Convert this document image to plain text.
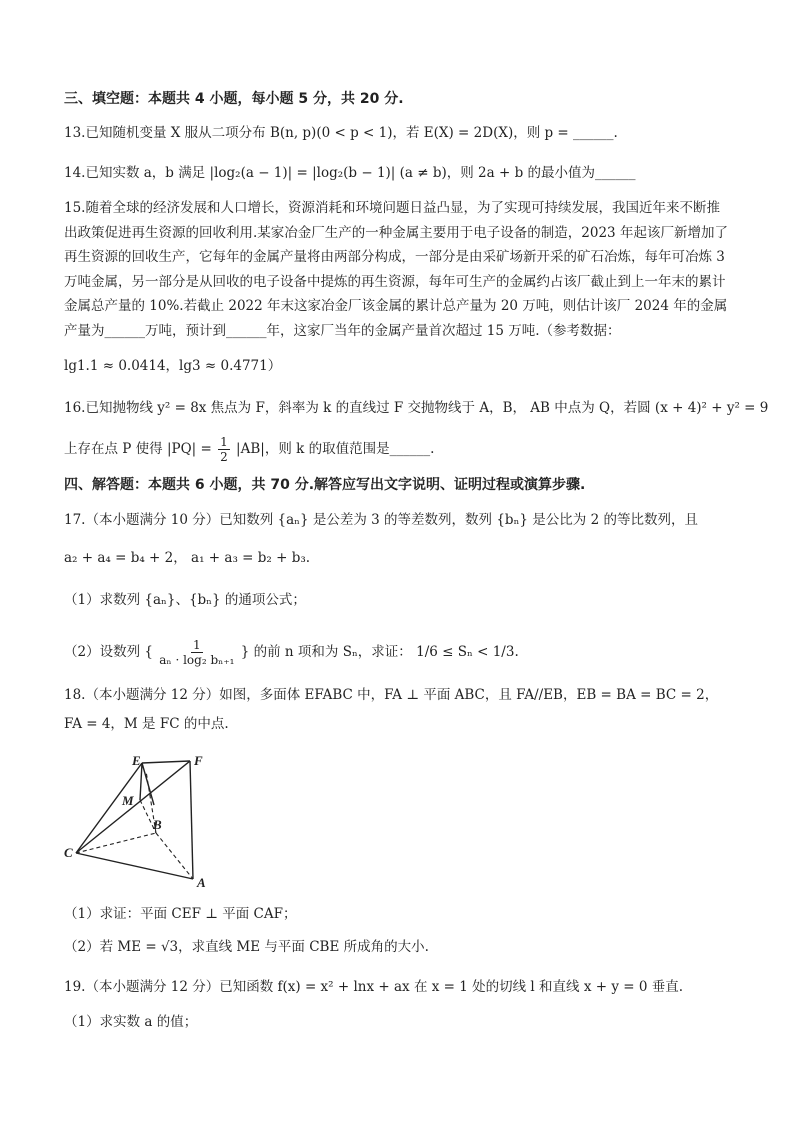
三、填空题：本题共 4 小题，每小题 5 分，共 20 分.
13.已知随机变量 X 服从二项分布 B(n, p)(0 < p < 1)，若 E(X) = 2D(X)，则 p = ______.
14.已知实数 a，b 满足 |log₂(a − 1)| = |log₂(b − 1)| (a ≠ b)，则 2a + b 的最小值为______
15.随着全球的经济发展和人口增长，资源消耗和环境问题日益凸显，为了实现可持续发展，我国近年来不断推出政策促进再生资源的回收利用.某家冶金厂生产的一种金属主要用于电子设备的制造，2023 年起该厂新增加了再生资源的回收生产，它每年的金属产量将由两部分构成，一部分是由采矿场新开采的矿石冶炼，每年可冶炼 3 万吨金属，另一部分是从回收的电子设备中提炼的再生资源，每年可生产的金属约占该厂截止到上一年末的累计金属总产量的 10%.若截止 2022 年末这家冶金厂该金属的累计总产量为 20 万吨，则估计该厂 2024 年的金属产量为______万吨，预计到______年，这家厂当年的金属产量首次超过 15 万吨.（参考数据：
lg1.1 ≈ 0.0414，lg3 ≈ 0.4771）
16.已知抛物线 y² = 8x 焦点为 F，斜率为 k 的直线过 F 交抛物线于 A，B， AB 中点为 Q，若圆 (x + 4)² + y² = 9
上存在点 P 使得 $|PQ| = \frac{1}{2} |AB|$，则 k 的取值范围是______.
四、解答题：本题共 6 小题，共 70 分.解答应写出文字说明、证明过程或演算步骤.
17.（本小题满分 10 分）已知数列 {aₙ} 是公差为 3 的等差数列，数列 {bₙ} 是公比为 2 的等比数列，且
a₂ + a₄ = b₄ + 2， a₁ + a₃ = b₂ + b₃.
（1）求数列 {aₙ}、{bₙ} 的通项公式；
（2）设数列 { $\frac{1}{\text{aₙ · log₂ bₙ₊₁}}$ } 的前 n 项和为 Sₙ，求证： 1/6 ≤ Sₙ < 1/3.
18.（本小题满分 12 分）如图，多面体 EFABC 中，FA ⊥ 平面 ABC，且 FA//EB，EB = BA = BC = 2，
FA = 4，M 是 FC 的中点.
E	F
M
B
C
A
（1）求证：平面 CEF ⊥ 平面 CAF；
（2）若 ME = √3，求直线 ME 与平面 CBE 所成角的大小.
19.（本小题满分 12 分）已知函数 f(x) = x² + lnx + ax 在 x = 1 处的切线 l 和直线 x + y = 0 垂直.
（1）求实数 a 的值；
